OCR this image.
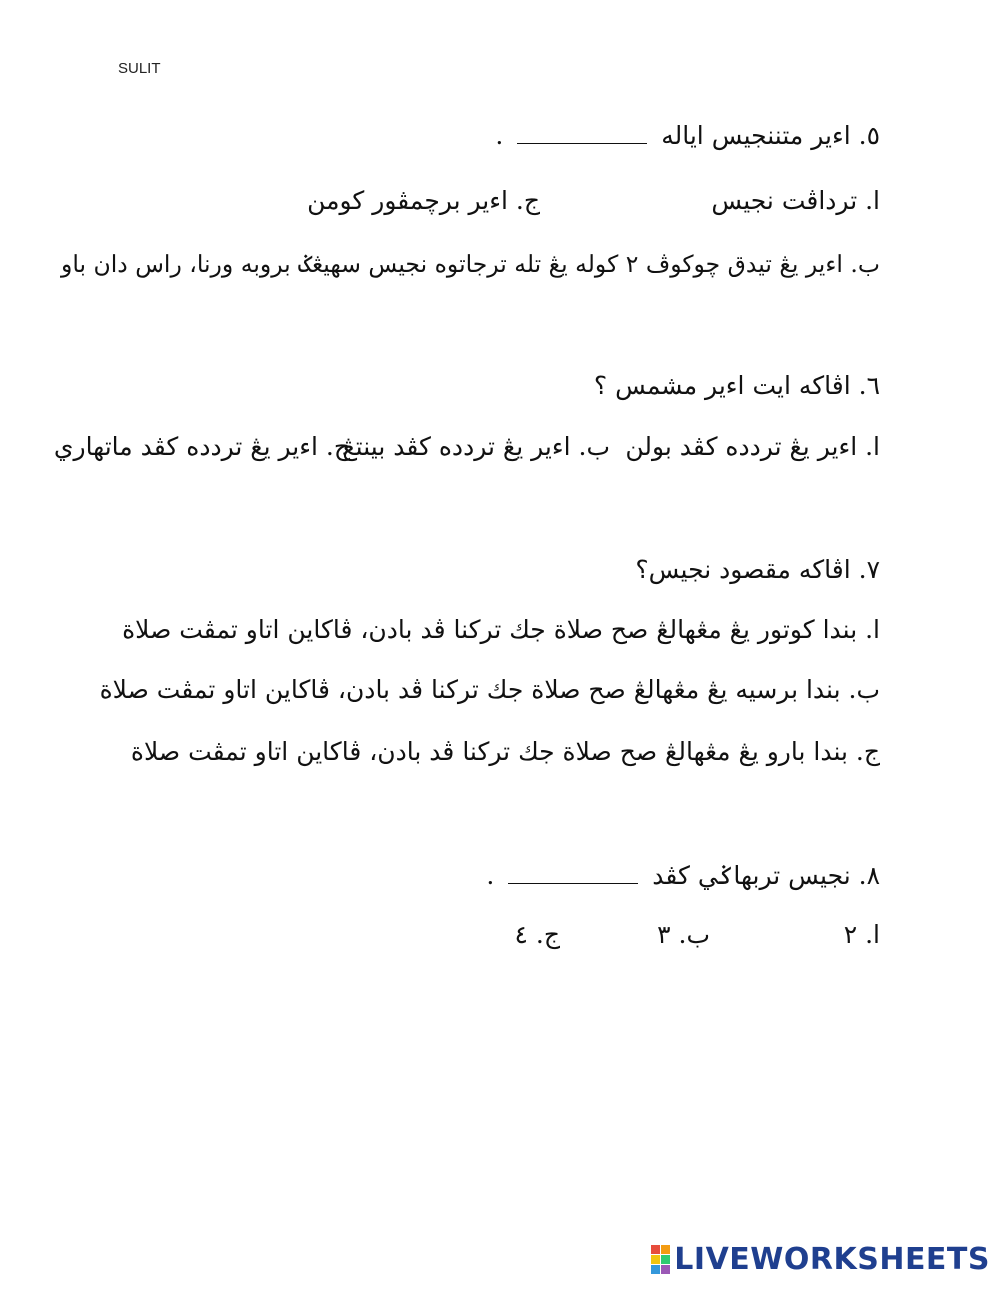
SULIT
٥. اءير متننجيس اياله  .
ا. ترداڤت نجيس
ج. اءير برچمڤور كومن
ب. اءير يڠ تيدق چوكوڤ ٢ كوله يڠ تله ترجاتوه نجيس سهيڠݢ بروبه ورنا، راس دان باو
٦. اڤاكه ايت اءير مشمس ؟
ا. اءير يڠ تردده كڤد بولن
ب. اءير يڠ تردده كڤد بينتڠ
ج. اءير يڠ تردده كڤد ماتهاري
٧. اڤاكه مقصود نجيس؟
ا. بندا كوتور يڠ مڠهالڠ صح صلاة جك تركنا ڤد بادن، ڤاكاين اتاو تمڤت صلاة
ب. بندا برسيه يڠ مڠهالڠ صح صلاة جك تركنا ڤد بادن، ڤاكاين اتاو تمڤت صلاة
ج. بندا بارو يڠ مڠهالڠ صح صلاة جك تركنا ڤد بادن، ڤاكاين اتاو تمڤت صلاة
٨. نجيس تربهاݢي كڤد  .
ا. ٢
ب. ٣
ج. ٤
LIVEWORKSHEETS
